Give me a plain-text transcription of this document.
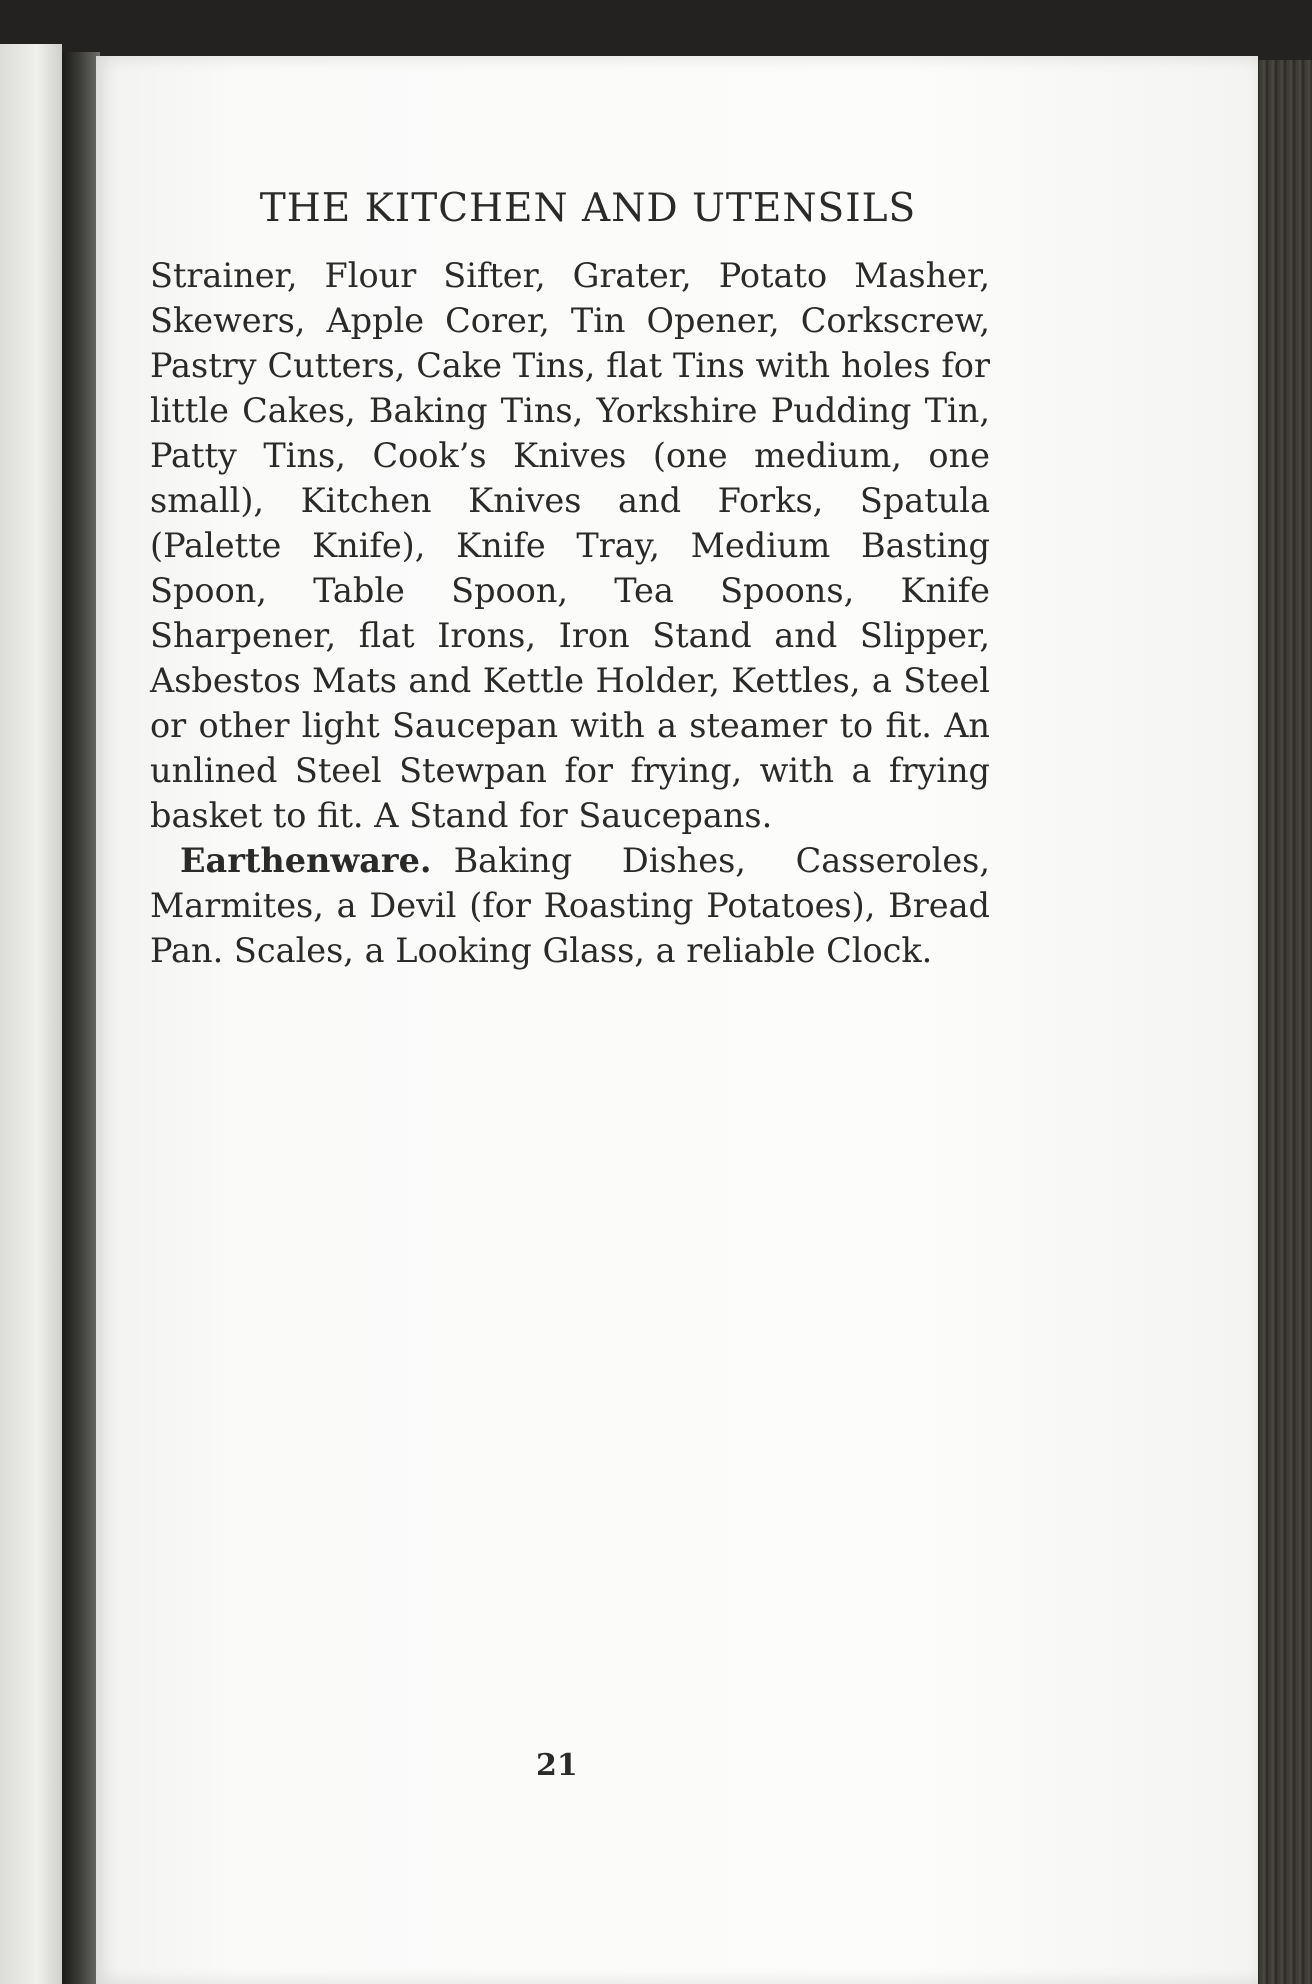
THE KITCHEN AND UTENSILS

Strainer, Flour Sifter, Grater, Potato Masher, Skewers, Apple Corer, Tin Opener, Corkscrew, Pastry Cutters, Cake Tins, flat Tins with holes for little Cakes, Baking Tins, Yorkshire Pudding Tin, Patty Tins, Cook’s Knives (one medium, one small), Kitchen Knives and Forks, Spatula (Palette Knife), Knife Tray, Medium Basting Spoon, Table Spoon, Tea Spoons, Knife Sharpener, flat Irons, Iron Stand and Slipper, Asbestos Mats and Kettle Holder, Kettles, a Steel or other light Saucepan with a steamer to fit. An unlined Steel Stewpan for frying, with a frying basket to fit. A Stand for Saucepans.

Earthenware. Baking Dishes, Casseroles, Marmites, a Devil (for Roasting Potatoes), Bread Pan. Scales, a Looking Glass, a reliable Clock.

21
